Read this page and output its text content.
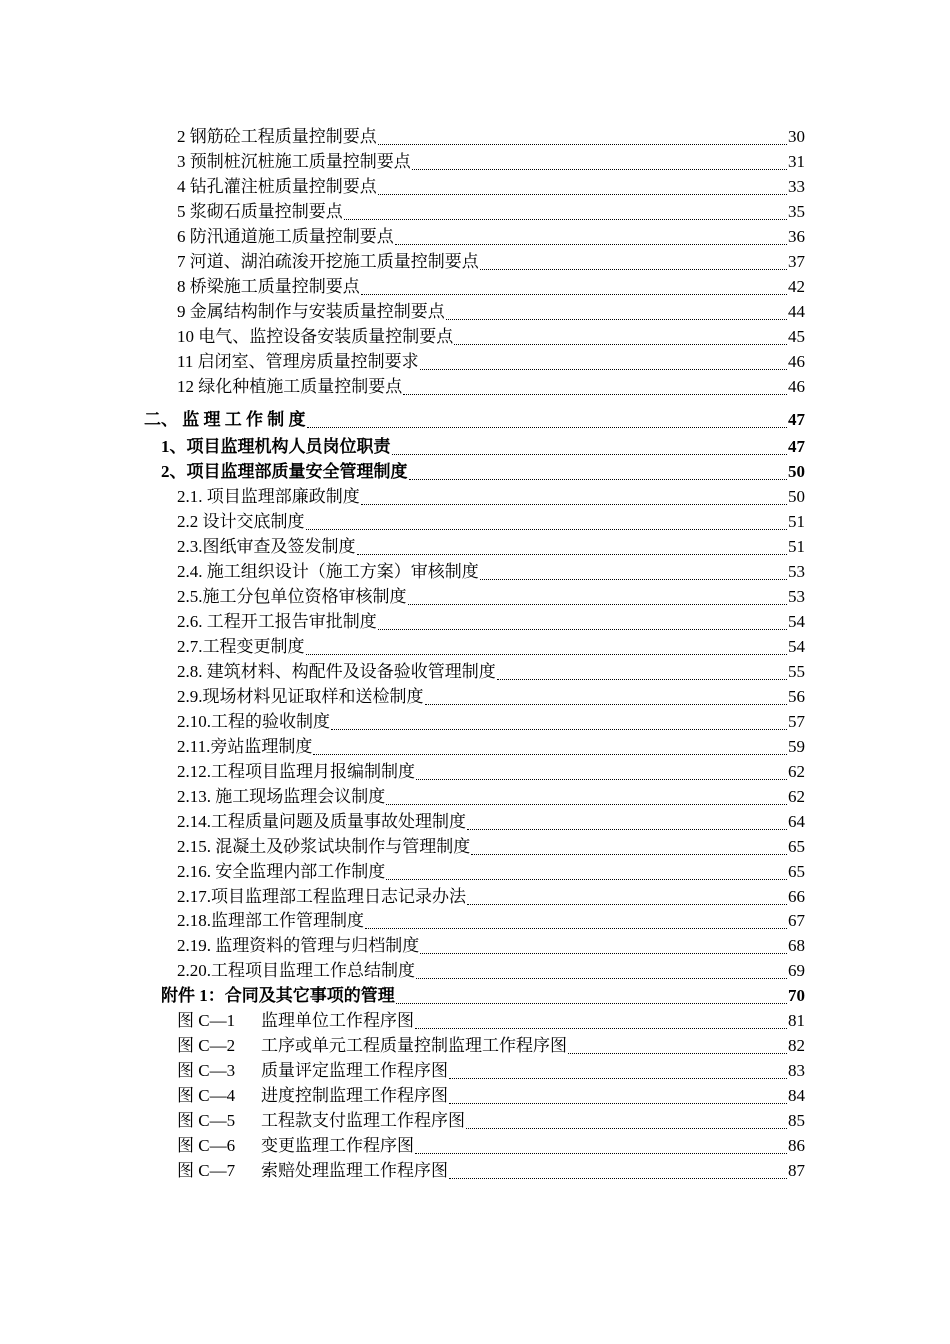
2 钢筋砼工程质量控制要点	30
3 预制桩沉桩施工质量控制要点	31
4 钻孔灌注桩质量控制要点	33
5 浆砌石质量控制要点	35
6 防汛通道施工质量控制要点	36
7 河道、湖泊疏浚开挖施工质量控制要点	37
8 桥梁施工质量控制要点	42
9 金属结构制作与安装质量控制要点	44
10 电气、监控设备安装质量控制要点	45
11 启闭室、管理房质量控制要求	46
12 绿化种植施工质量控制要点	46
二、 监 理 工 作 制 度	47
1、项目监理机构人员岗位职责	47
2、项目监理部质量安全管理制度	50
2.1. 项目监理部廉政制度	50
2.2 设计交底制度	51
2.3.图纸审查及签发制度	51
2.4. 施工组织设计（施工方案）审核制度	53
2.5.施工分包单位资格审核制度	53
2.6. 工程开工报告审批制度	54
2.7.工程变更制度	54
2.8. 建筑材料、构配件及设备验收管理制度	55
2.9.现场材料见证取样和送检制度	56
2.10.工程的验收制度	57
2.11.旁站监理制度	59
2.12.工程项目监理月报编制制度	62
2.13. 施工现场监理会议制度	62
2.14.工程质量问题及质量事故处理制度	64
2.15. 混凝土及砂浆试块制作与管理制度	65
2.16. 安全监理内部工作制度	65
2.17.项目监理部工程监理日志记录办法	66
2.18.监理部工作管理制度	67
2.19. 监理资料的管理与归档制度	68
2.20.工程项目监理工作总结制度	69
附件 1：合同及其它事项的管理	70
图 C—1 监理单位工作程序图	81
图 C—2 工序或单元工程质量控制监理工作程序图	82
图 C—3 质量评定监理工作程序图	83
图 C—4 进度控制监理工作程序图	84
图 C—5 工程款支付监理工作程序图	85
图 C—6 变更监理工作程序图	86
图 C—7 索赔处理监理工作程序图	87
